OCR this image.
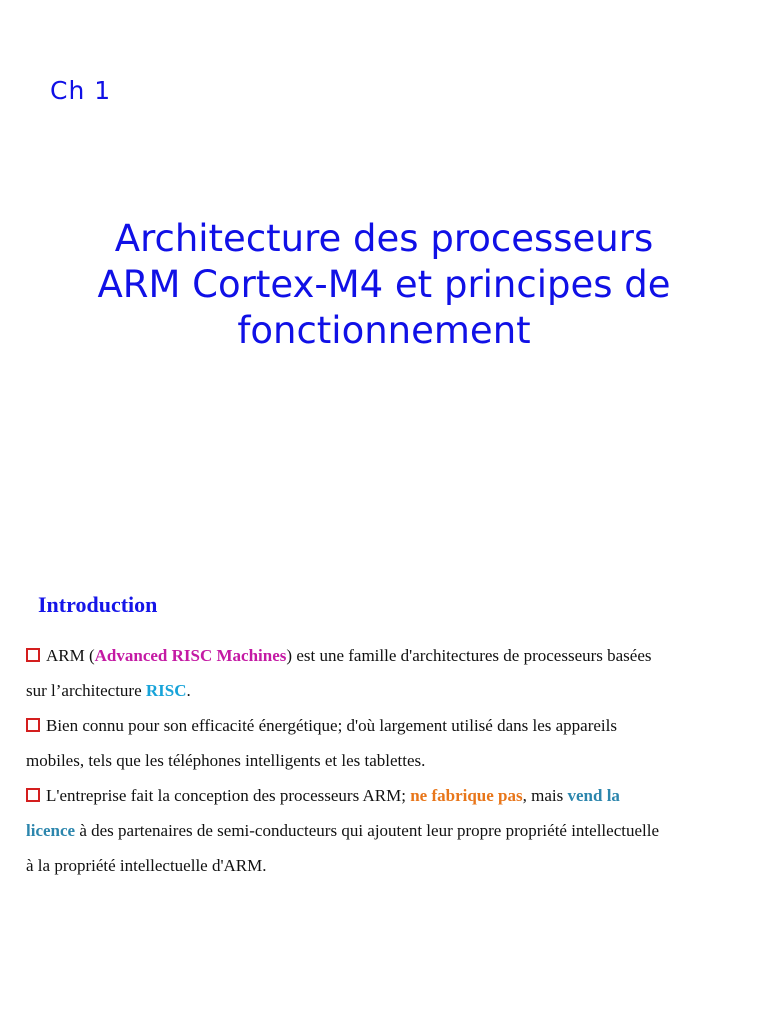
Ch 1
Architecture des processeurs
ARM Cortex-M4 et principes de
fonctionnement
Introduction
ARM (Advanced RISC Machines) est une famille d'architectures de processeurs basées
sur l’architecture RISC.
Bien connu pour son efficacité énergétique; d'où largement utilisé dans les appareils
mobiles, tels que les téléphones intelligents et les tablettes.
L'entreprise fait la conception des processeurs ARM; ne fabrique pas, mais vend la
licence à des partenaires de semi-conducteurs qui ajoutent leur propre propriété intellectuelle
à la propriété intellectuelle d'ARM.
